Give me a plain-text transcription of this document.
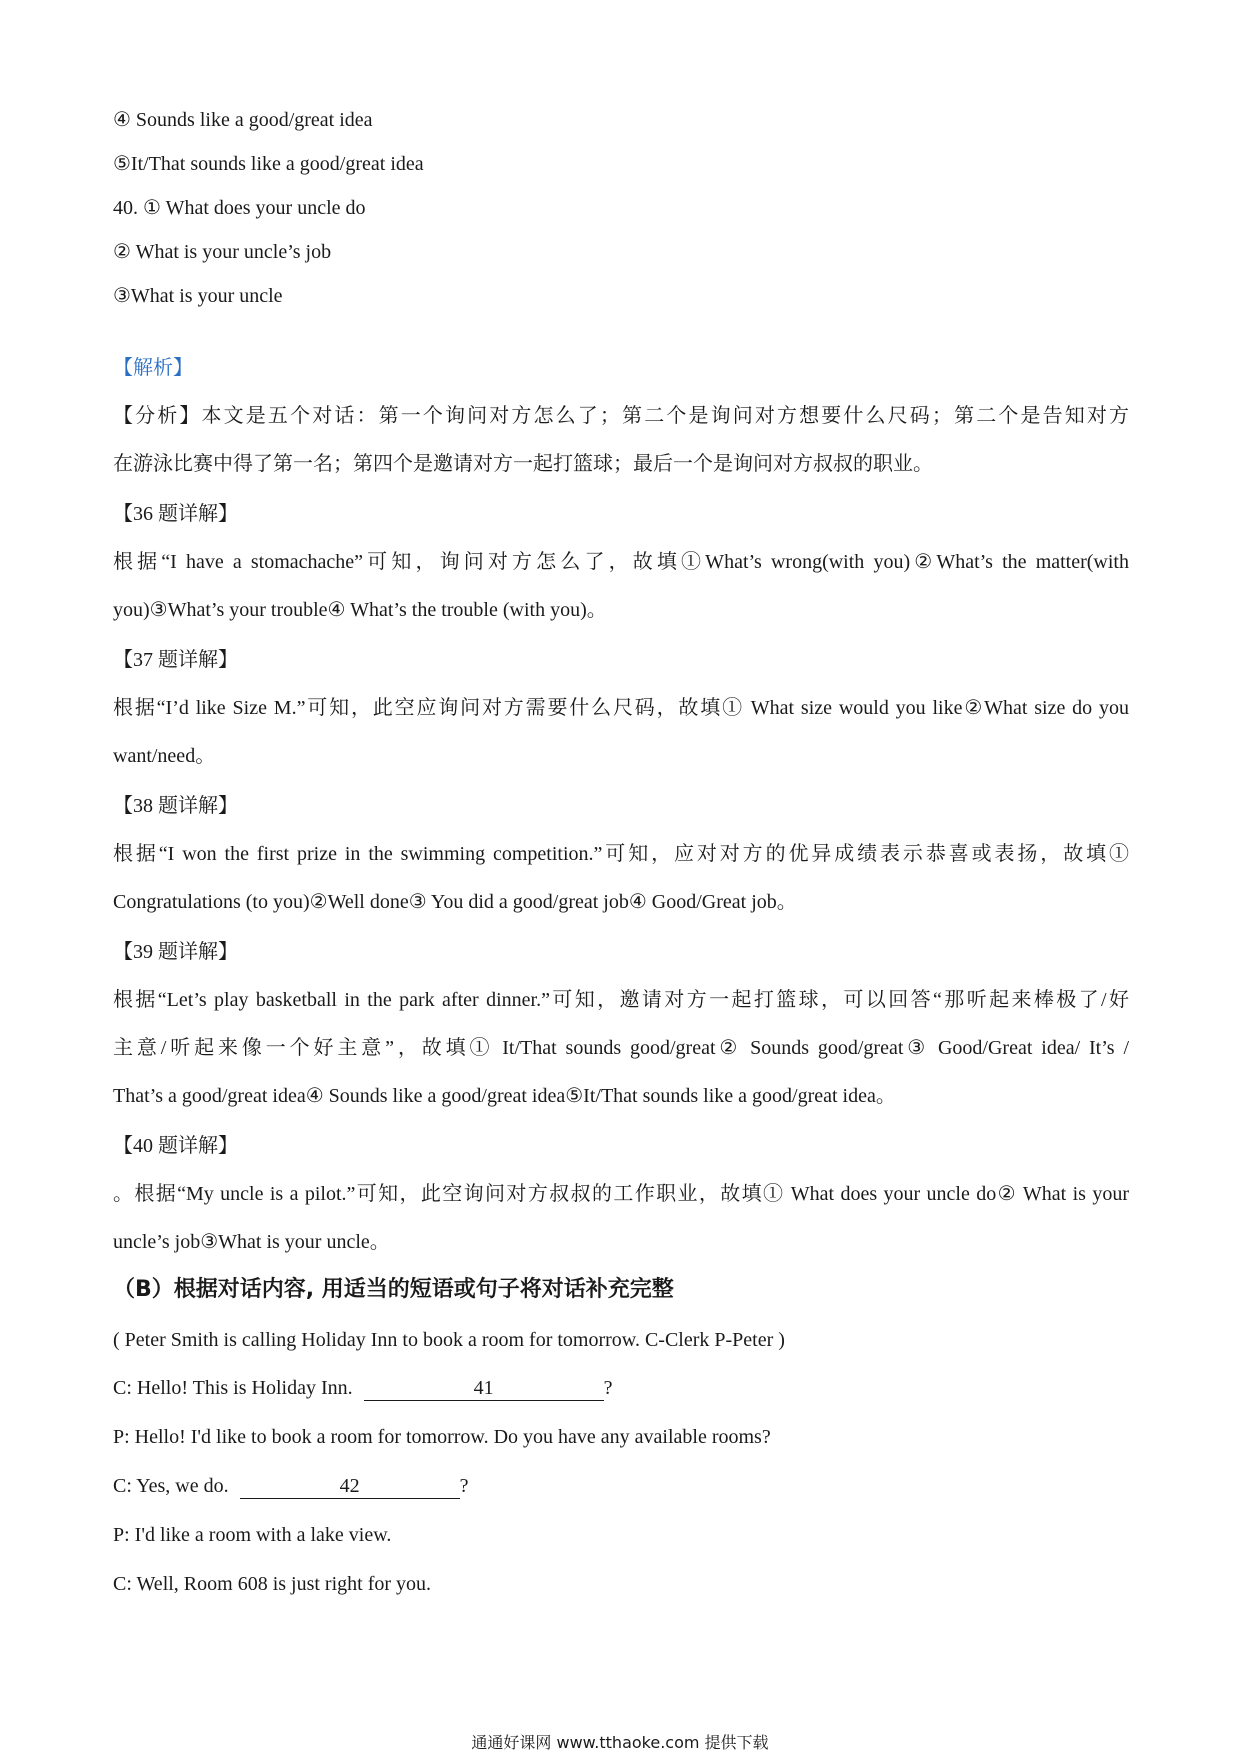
④ Sounds like a good/great idea
⑤It/That sounds like a good/great idea
40. ① What does your uncle do
② What is your uncle’s job
③What is your uncle
【解析】
【分析】本文是五个对话：第一个询问对方怎么了；第二个是询问对方想要什么尺码；第二个是告知对方
在游泳比赛中得了第一名；第四个是邀请对方一起打篮球；最后一个是询问对方叔叔的职业。
【36 题详解】
根据“I have a stomachache”可知，询问对方怎么了，故填①What’s wrong(with you)②What’s the matter(with
you)③What’s your trouble④ What’s the trouble (with you)。
【37 题详解】
根据“I’d like Size M.”可知，此空应询问对方需要什么尺码，故填① What size would you like②What size do you
want/need。
【38 题详解】
根据“I won the first prize in the swimming competition.”可知，应对对方的优异成绩表示恭喜或表扬，故填①
Congratulations (to you)②Well done③ You did a good/great job④ Good/Great job。
【39 题详解】
根据“Let’s play basketball in the park after dinner.”可知，邀请对方一起打篮球，可以回答“那听起来棒极了/好
主意/听起来像一个好主意”，故填① It/That sounds good/great② Sounds good/great③ Good/Great idea/ It’s /
That’s a good/great idea④ Sounds like a good/great idea⑤It/That sounds like a good/great idea。
【40 题详解】
。根据“My uncle is a pilot.”可知，此空询问对方叔叔的工作职业，故填① What does your uncle do② What is your
uncle’s job③What is your uncle。
（B）根据对话内容, 用适当的短语或句子将对话补充完整
( Peter Smith is calling Holiday Inn to book a room for tomorrow. C-Clerk P-Peter )
C: Hello! This is Holiday Inn.	41	?
P: Hello! I'd like to book a room for tomorrow. Do you have any available rooms?
C: Yes, we do.	42	?
P: I'd like a room with a lake view.
C: Well, Room 608 is just right for you.
通通好课网 www.tthaoke.com 提供下载
